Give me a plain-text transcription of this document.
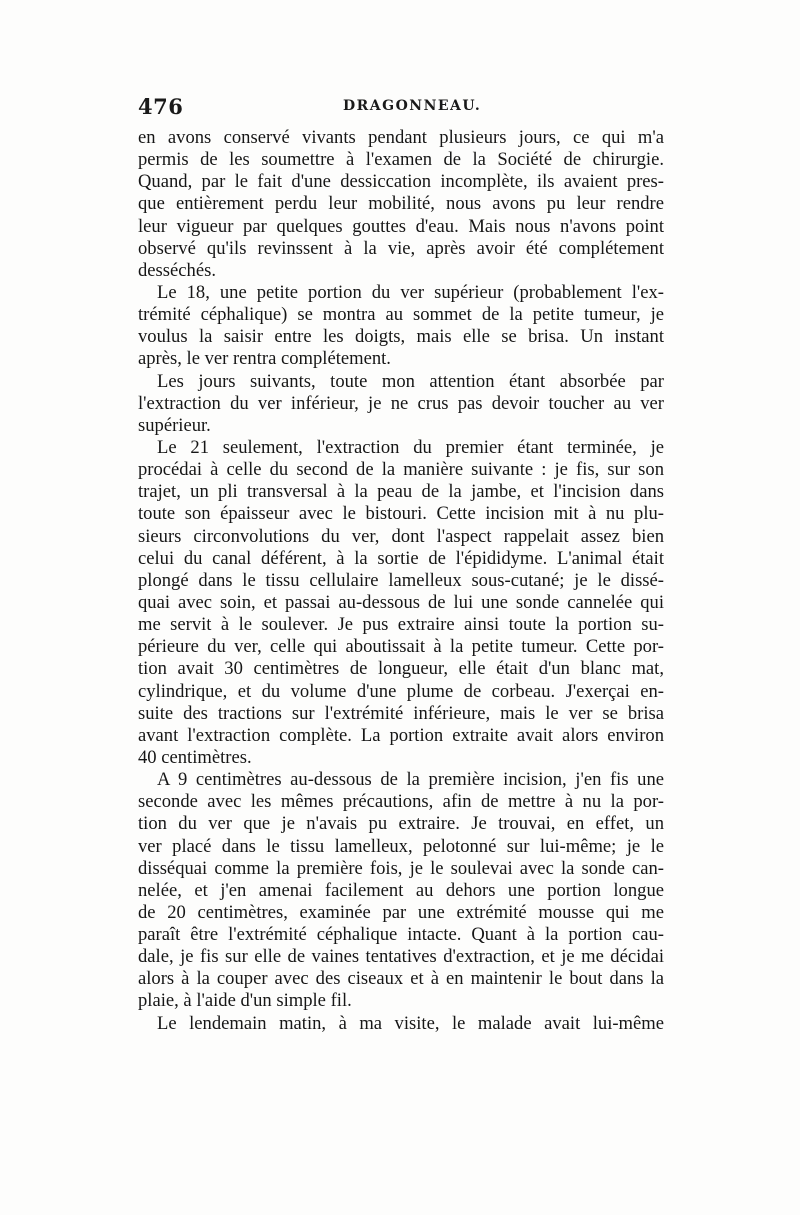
476	DRAGONNEAU.
en avons conservé vivants pendant plusieurs jours, ce qui m'a
permis de les soumettre à l'examen de la Société de chirurgie.
Quand, par le fait d'une dessiccation incomplète, ils avaient pres-
que entièrement perdu leur mobilité, nous avons pu leur rendre
leur vigueur par quelques gouttes d'eau. Mais nous n'avons point
observé qu'ils revinssent à la vie, après avoir été complétement
desséchés.
Le 18, une petite portion du ver supérieur (probablement l'ex-
trémité céphalique) se montra au sommet de la petite tumeur, je
voulus la saisir entre les doigts, mais elle se brisa. Un instant
après, le ver rentra complétement.
Les jours suivants, toute mon attention étant absorbée par
l'extraction du ver inférieur, je ne crus pas devoir toucher au ver
supérieur.
Le 21 seulement, l'extraction du premier étant terminée, je
procédai à celle du second de la manière suivante : je fis, sur son
trajet, un pli transversal à la peau de la jambe, et l'incision dans
toute son épaisseur avec le bistouri. Cette incision mit à nu plu-
sieurs circonvolutions du ver, dont l'aspect rappelait assez bien
celui du canal déférent, à la sortie de l'épididyme. L'animal était
plongé dans le tissu cellulaire lamelleux sous-cutané; je le dissé-
quai avec soin, et passai au-dessous de lui une sonde cannelée qui
me servit à le soulever. Je pus extraire ainsi toute la portion su-
périeure du ver, celle qui aboutissait à la petite tumeur. Cette por-
tion avait 30 centimètres de longueur, elle était d'un blanc mat,
cylindrique, et du volume d'une plume de corbeau. J'exerçai en-
suite des tractions sur l'extrémité inférieure, mais le ver se brisa
avant l'extraction complète. La portion extraite avait alors environ
40 centimètres.
A 9 centimètres au-dessous de la première incision, j'en fis une
seconde avec les mêmes précautions, afin de mettre à nu la por-
tion du ver que je n'avais pu extraire. Je trouvai, en effet, un
ver placé dans le tissu lamelleux, pelotonné sur lui-même; je le
disséquai comme la première fois, je le soulevai avec la sonde can-
nelée, et j'en amenai facilement au dehors une portion longue
de 20 centimètres, examinée par une extrémité mousse qui me
paraît être l'extrémité céphalique intacte. Quant à la portion cau-
dale, je fis sur elle de vaines tentatives d'extraction, et je me décidai
alors à la couper avec des ciseaux et à en maintenir le bout dans la
plaie, à l'aide d'un simple fil.
Le lendemain matin, à ma visite, le malade avait lui-même
